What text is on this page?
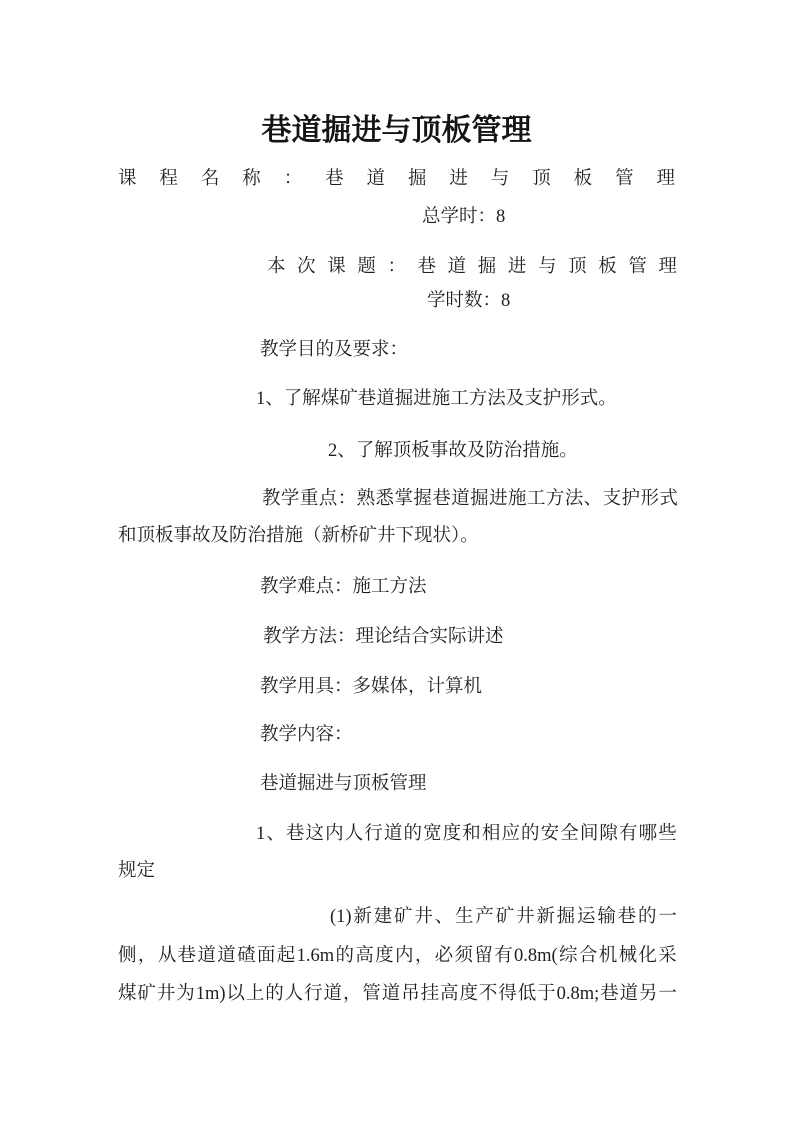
巷道掘进与顶板管理
课 程 名 称 ： 巷 道 掘 进 与 顶 板 管 理
总学时：8
本 次 课 题 ： 巷 道 掘 进 与 顶 板 管 理
学时数：8
教学目的及要求：
1、了解煤矿巷道掘进施工方法及支护形式。
2、了解顶板事故及防治措施。
教 学 重 点 ： 熟 悉 掌 握 巷 道 掘 进 施 工 方 法 、 支 护 形 式
和顶板事故及防治措施（新桥矿井下现状）。
教学难点：施工方法
教学方法：理论结合实际讲述
教学用具：多媒体，计算机
教学内容：
巷道掘进与顶板管理
1 、 巷 这 内 人 行 道 的 宽 度 和 相 应 的 安 全 间 隙 有 哪 些
规定
(1) 新 建 矿 井 、 生 产 矿 井 新 掘 运 输 巷 的 一
侧 ， 从 巷 道 道 碴 面 起 1.6m 的 高 度 内 ， 必 须 留 有 0.8m( 综 合 机 械 化 采
煤 矿 井 为 1m) 以 上 的 人 行 道 ， 管 道 吊 挂 高 度 不 得 低 于 0.8m; 巷 道 另 一
